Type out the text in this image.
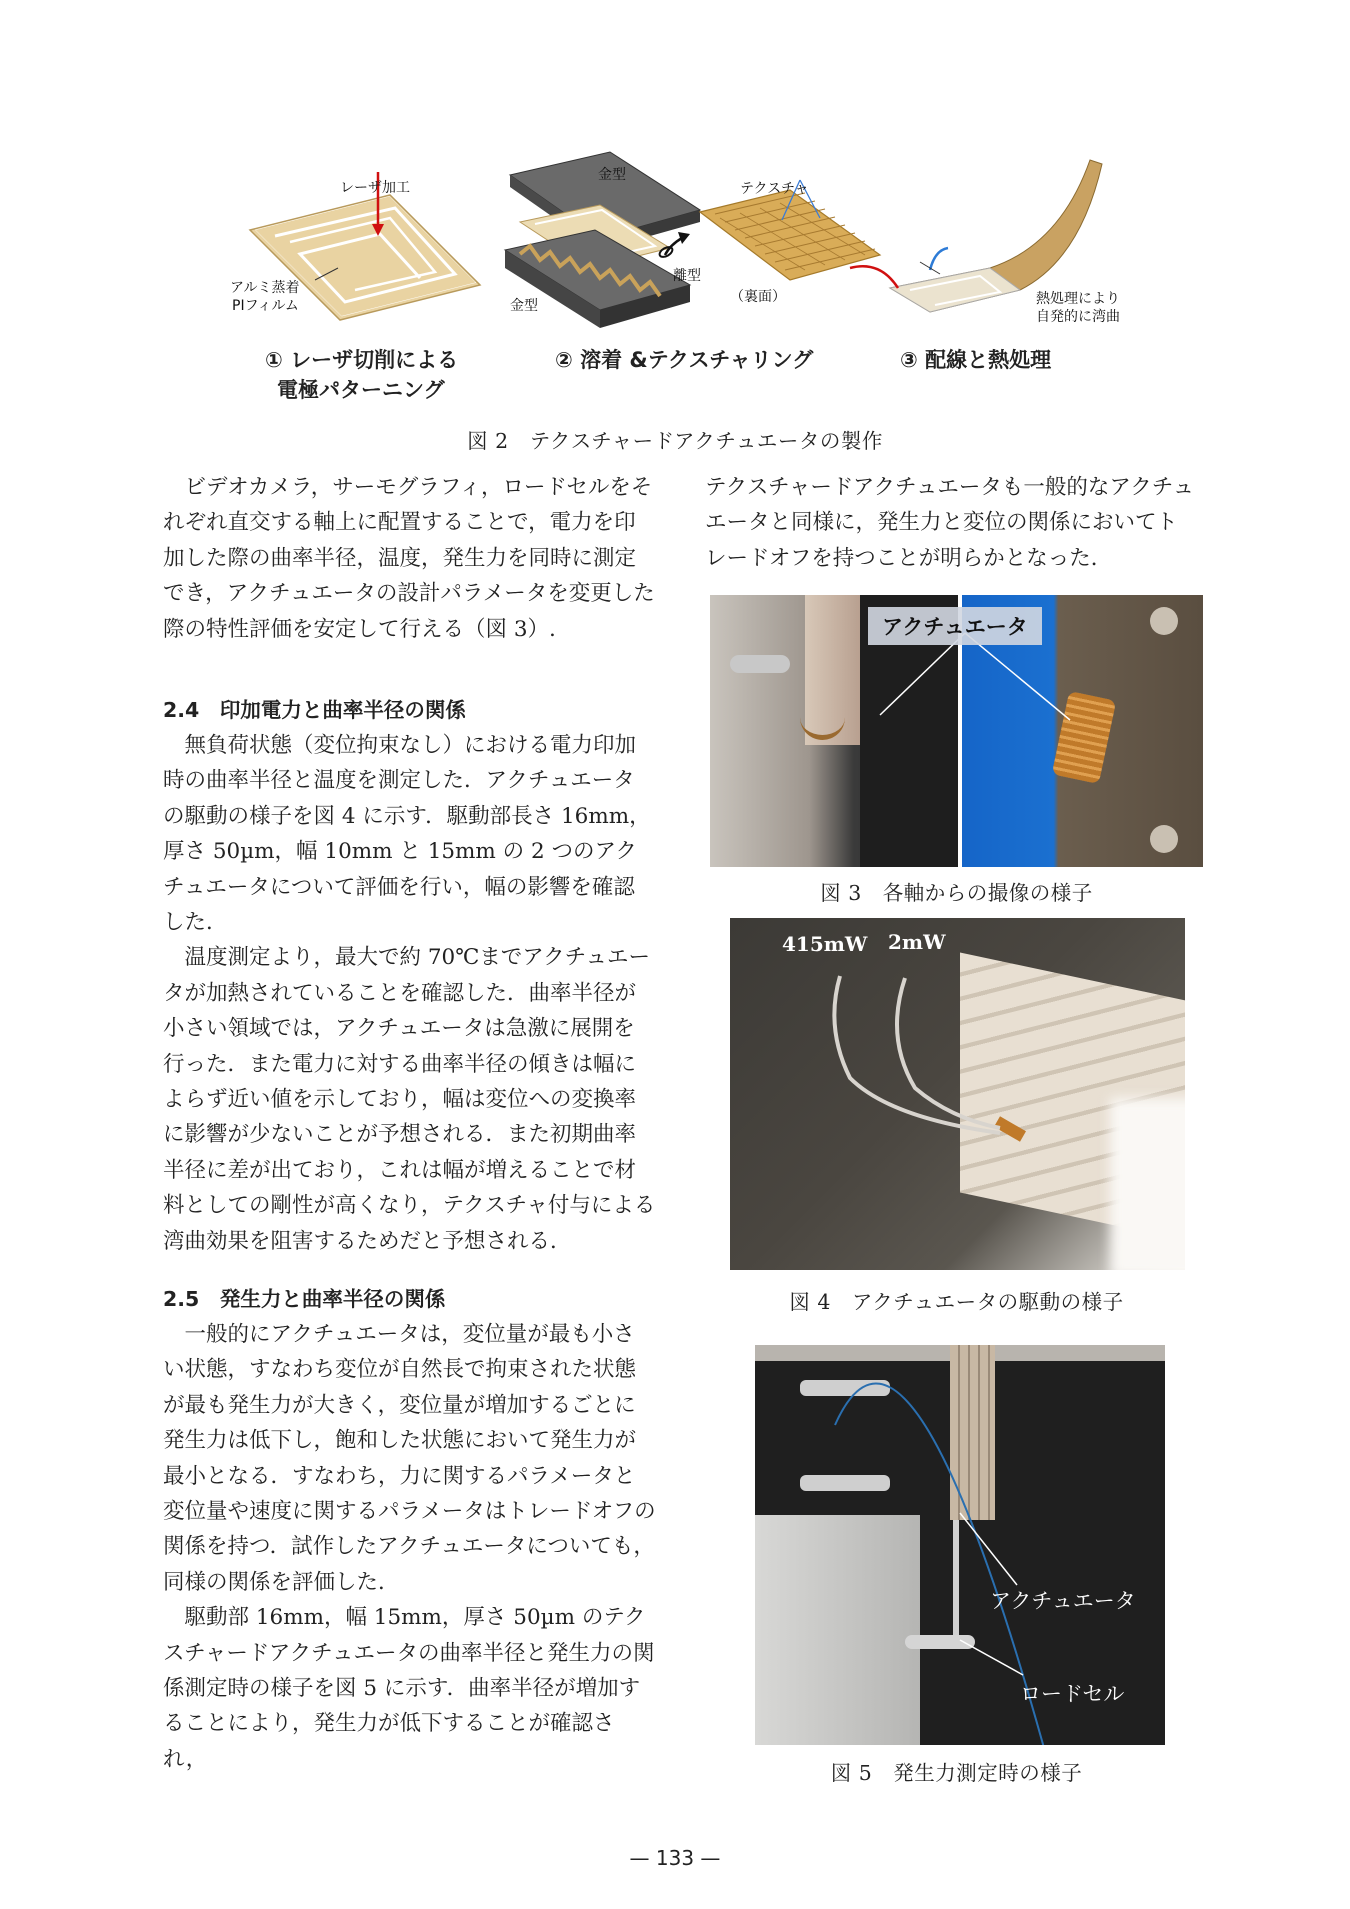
レーザ加工
アルミ蒸着
PIフィルム
金型
金型
離型
テクスチャ
（裏面）	熱処理により
自発的に湾曲
① レーザ切削による
電極パターニング
② 溶着 &テクスチャリング	③ 配線と熱処理
図 2　テクスチャードアクチュエータの製作

ビデオカメラ，サーモグラフィ，ロードセルをそれぞれ直交する軸上に配置することで，電力を印加した際の曲率半径，温度，発生力を同時に測定でき，アクチュエータの設計パラメータを変更した際の特性評価を安定して行える（図 3）.

2.4　印加電力と曲率半径の関係

無負荷状態（変位拘束なし）における電力印加時の曲率半径と温度を測定した．アクチュエータの駆動の様子を図 4 に示す．駆動部長さ 16mm，厚さ 50µm，幅 10mm と 15mm の 2 つのアクチュエータについて評価を行い，幅の影響を確認した．

温度測定より，最大で約 70℃までアクチュエータが加熱されていることを確認した．曲率半径が小さい領域では，アクチュエータは急激に展開を行った．また電力に対する曲率半径の傾きは幅によらず近い値を示しており，幅は変位への変換率に影響が少ないことが予想される．また初期曲率半径に差が出ており，これは幅が増えることで材料としての剛性が高くなり，テクスチャ付与による湾曲効果を阻害するためだと予想される．

2.5　発生力と曲率半径の関係

一般的にアクチュエータは，変位量が最も小さい状態，すなわち変位が自然長で拘束された状態が最も発生力が大きく，変位量が増加するごとに発生力は低下し，飽和した状態において発生力が最小となる．すなわち，力に関するパラメータと変位量や速度に関するパラメータはトレードオフの関係を持つ．試作したアクチュエータについても，同様の関係を評価した．

駆動部 16mm，幅 15mm，厚さ 50µm のテクスチャードアクチュエータの曲率半径と発生力の関係測定時の様子を図 5 に示す．曲率半径が増加することにより，発生力が低下することが確認され，

テクスチャードアクチュエータも一般的なアクチュエータと同様に，発生力と変位の関係においてトレードオフを持つことが明らかとなった．

アクチュエータ
図 3　各軸からの撮像の様子
415mW 2mW
図 4　アクチュエータの駆動の様子
アクチュエータ
ロードセル
図 5　発生力測定時の様子
— 133 —
